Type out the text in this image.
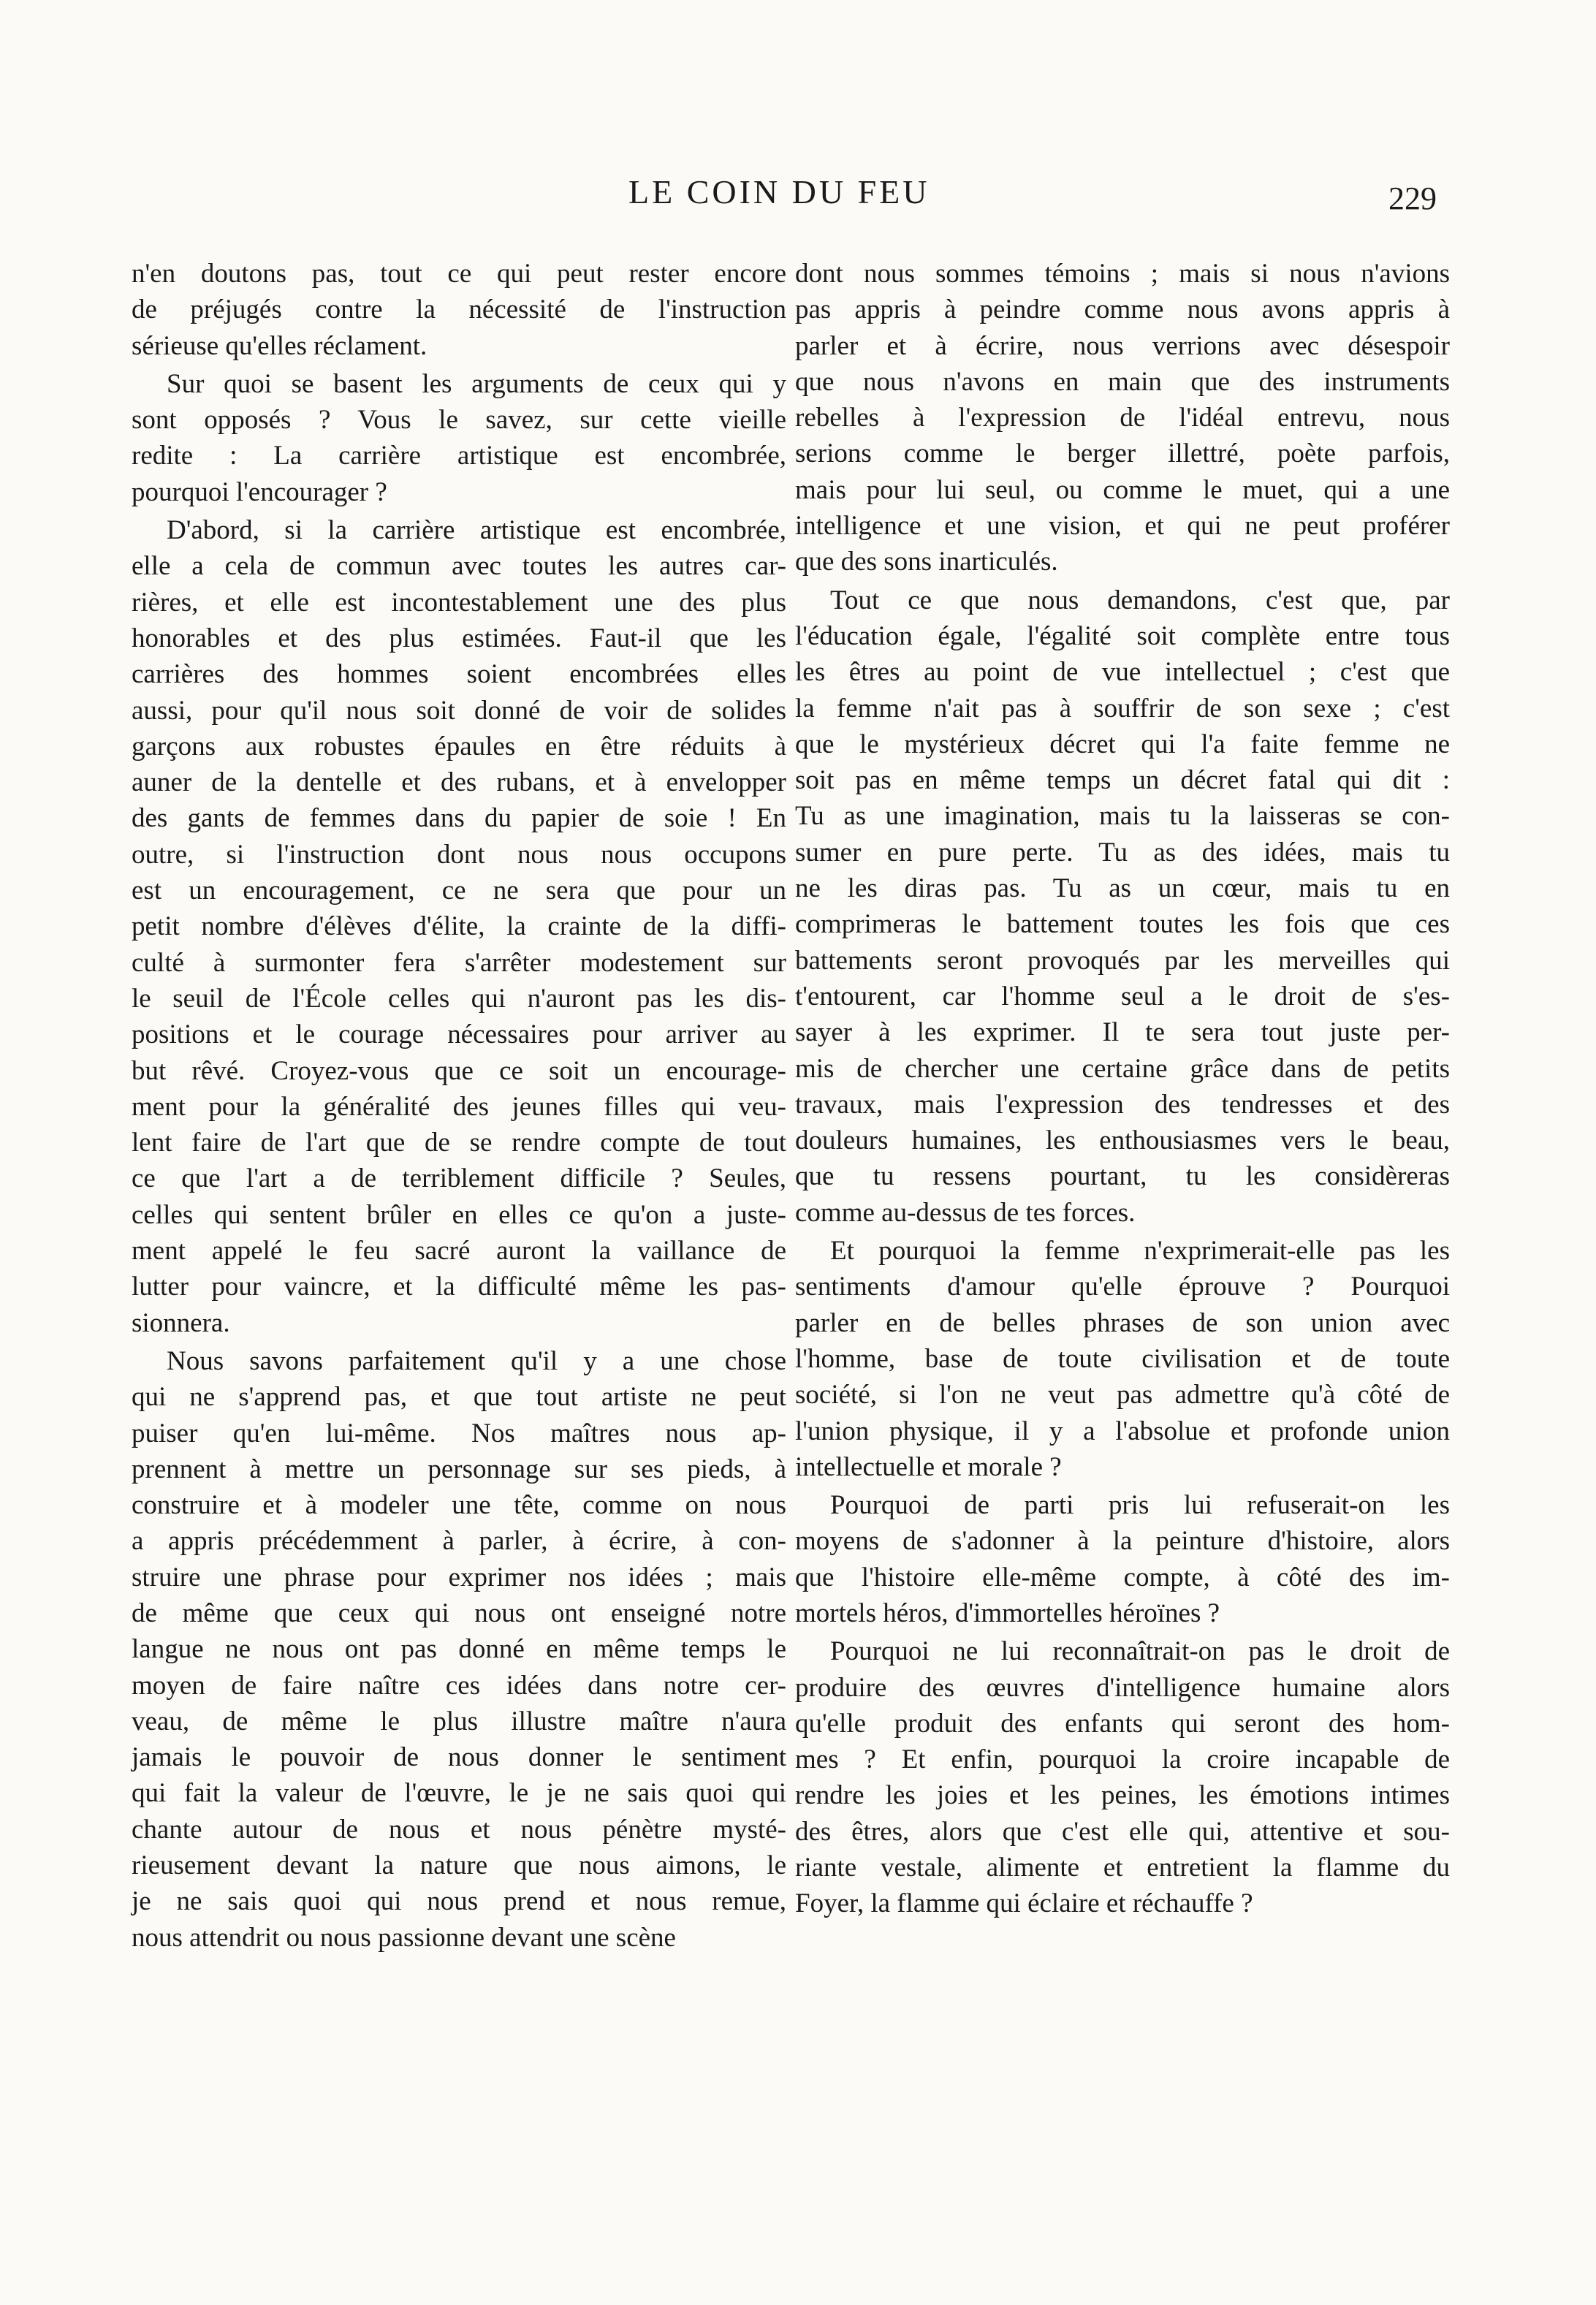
LE COIN DU FEU	229

n'en doutons pas, tout ce qui peut rester encore
de préjugés contre la nécessité de l'instruction
sérieuse qu'elles réclament.

Sur quoi se basent les arguments de ceux qui y
sont opposés ? Vous le savez, sur cette vieille
redite : La carrière artistique est encombrée,
pourquoi l'encourager ?

D'abord, si la carrière artistique est encombrée,
elle a cela de commun avec toutes les autres car-
rières, et elle est incontestablement une des plus
honorables et des plus estimées. Faut-il que les
carrières des hommes soient encombrées elles
aussi, pour qu'il nous soit donné de voir de solides
garçons aux robustes épaules en être réduits à
auner de la dentelle et des rubans, et à envelopper
des gants de femmes dans du papier de soie ! En
outre, si l'instruction dont nous nous occupons
est un encouragement, ce ne sera que pour un
petit nombre d'élèves d'élite, la crainte de la diffi-
culté à surmonter fera s'arrêter modestement sur
le seuil de l'École celles qui n'auront pas les dis-
positions et le courage nécessaires pour arriver au
but rêvé. Croyez-vous que ce soit un encourage-
ment pour la généralité des jeunes filles qui veu-
lent faire de l'art que de se rendre compte de tout
ce que l'art a de terriblement difficile ? Seules,
celles qui sentent brûler en elles ce qu'on a juste-
ment appelé le feu sacré auront la vaillance de
lutter pour vaincre, et la difficulté même les pas-
sionnera.

Nous savons parfaitement qu'il y a une chose
qui ne s'apprend pas, et que tout artiste ne peut
puiser qu'en lui-même. Nos maîtres nous ap-
prennent à mettre un personnage sur ses pieds, à
construire et à modeler une tête, comme on nous
a appris précédemment à parler, à écrire, à con-
struire une phrase pour exprimer nos idées ; mais
de même que ceux qui nous ont enseigné notre
langue ne nous ont pas donné en même temps le
moyen de faire naître ces idées dans notre cer-
veau, de même le plus illustre maître n'aura
jamais le pouvoir de nous donner le sentiment
qui fait la valeur de l'œuvre, le je ne sais quoi qui
chante autour de nous et nous pénètre mysté-
rieusement devant la nature que nous aimons, le
je ne sais quoi qui nous prend et nous remue,
nous attendrit ou nous passionne devant une scène

dont nous sommes témoins ; mais si nous n'avions
pas appris à peindre comme nous avons appris à
parler et à écrire, nous verrions avec désespoir
que nous n'avons en main que des instruments
rebelles à l'expression de l'idéal entrevu, nous
serions comme le berger illettré, poète parfois,
mais pour lui seul, ou comme le muet, qui a une
intelligence et une vision, et qui ne peut proférer
que des sons inarticulés.

Tout ce que nous demandons, c'est que, par
l'éducation égale, l'égalité soit complète entre tous
les êtres au point de vue intellectuel ; c'est que
la femme n'ait pas à souffrir de son sexe ; c'est
que le mystérieux décret qui l'a faite femme ne
soit pas en même temps un décret fatal qui dit :
Tu as une imagination, mais tu la laisseras se con-
sumer en pure perte. Tu as des idées, mais tu
ne les diras pas. Tu as un cœur, mais tu en
comprimeras le battement toutes les fois que ces
battements seront provoqués par les merveilles qui
t'entourent, car l'homme seul a le droit de s'es-
sayer à les exprimer. Il te sera tout juste per-
mis de chercher une certaine grâce dans de petits
travaux, mais l'expression des tendresses et des
douleurs humaines, les enthousiasmes vers le beau,
que tu ressens pourtant, tu les considèreras
comme au-dessus de tes forces.

Et pourquoi la femme n'exprimerait-elle pas les
sentiments d'amour qu'elle éprouve ? Pourquoi
parler en de belles phrases de son union avec
l'homme, base de toute civilisation et de toute
société, si l'on ne veut pas admettre qu'à côté de
l'union physique, il y a l'absolue et profonde union
intellectuelle et morale ?

Pourquoi de parti pris lui refuserait-on les
moyens de s'adonner à la peinture d'histoire, alors
que l'histoire elle-même compte, à côté des im-
mortels héros, d'immortelles héroïnes ?

Pourquoi ne lui reconnaîtrait-on pas le droit de
produire des œuvres d'intelligence humaine alors
qu'elle produit des enfants qui seront des hom-
mes ? Et enfin, pourquoi la croire incapable de
rendre les joies et les peines, les émotions intimes
des êtres, alors que c'est elle qui, attentive et sou-
riante vestale, alimente et entretient la flamme du
Foyer, la flamme qui éclaire et réchauffe ?
